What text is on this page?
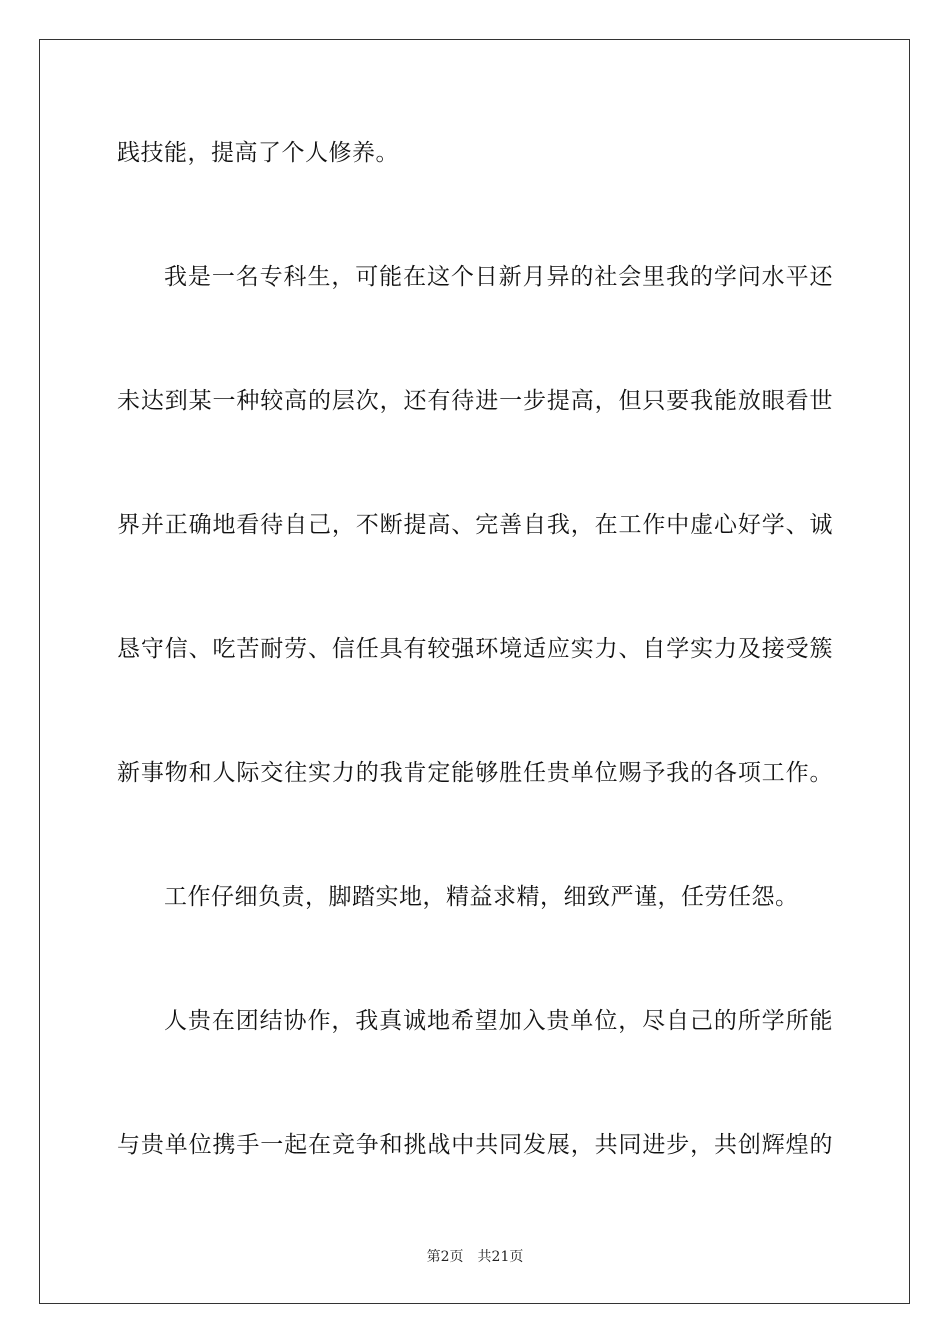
践技能，提高了个人修养。
我是一名专科生，可能在这个日新月异的社会里我的学问水平还
未达到某一种较高的层次，还有待进一步提高，但只要我能放眼看世
界并正确地看待自己，不断提高、完善自我，在工作中虚心好学、诚
恳守信、吃苦耐劳、信任具有较强环境适应实力、自学实力及接受簇
新事物和人际交往实力的我肯定能够胜任贵单位赐予我的各项工作。
工作仔细负责，脚踏实地，精益求精，细致严谨，任劳任怨。
人贵在团结协作，我真诚地希望加入贵单位，尽自己的所学所能
与贵单位携手一起在竞争和挑战中共同发展，共同进步，共创辉煌的
第2页 共21页
